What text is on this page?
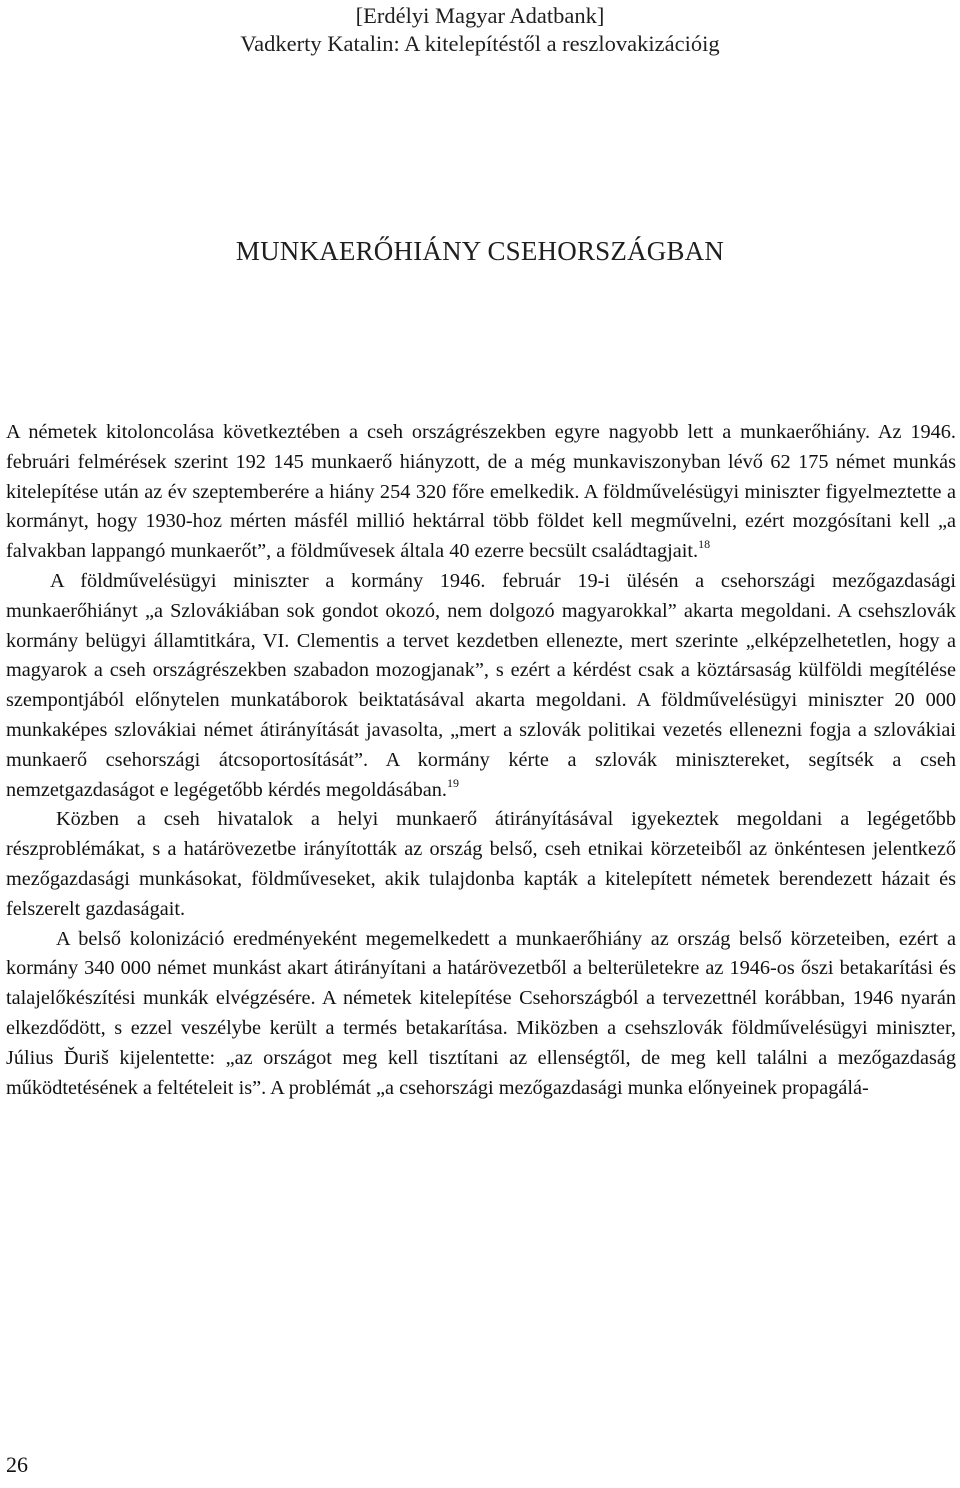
[Erdélyi Magyar Adatbank]
Vadkerty Katalin: A kitelepítéstől a reszlovakizációig
MUNKAERŐHIÁNY CSEHORSZÁGBAN

A németek kitoloncolása következtében a cseh országrészekben egyre nagyobb lett a munkaerőhiány. Az 1946. februári felmérések szerint 192 145 munkaerő hiányzott, de a még munkaviszonyban lévő 62 175 német munkás kitelepítése után az év szeptemberére a hiány 254 320 főre emelkedik. A földművelésügyi miniszter figyelmeztette a kormányt, hogy 1930-hoz mérten másfél millió hektárral több földet kell megművelni, ezért mozgósítani kell „a falvakban lappangó munkaerőt”, a földművesek általa 40 ezerre becsült családtagjait.$^{18}$

A földművelésügyi miniszter a kormány 1946. február 19-i ülésén a csehországi mezőgazdasági munkaerőhiányt „a Szlovákiában sok gondot okozó, nem dolgozó magyarokkal” akarta megoldani. A csehszlovák kormány belügyi államtitkára, VI. Clementis a tervet kezdetben ellenezte, mert szerinte „elképzelhetetlen, hogy a magyarok a cseh országrészekben szabadon mozogjanak”, s ezért a kérdést csak a köztársaság külföldi megítélése szempontjából előnytelen munkatáborok beiktatásával akarta megoldani. A földművelésügyi miniszter 20 000 munkaképes szlovákiai német átirányítását javasolta, „mert a szlovák politikai vezetés ellenezni fogja a szlovákiai munkaerő csehországi átcsoportosítását”. A kormány kérte a szlovák minisztereket, segítsék a cseh nemzetgazdaságot e legégetőbb kérdés megoldásában.$^{19}$

Közben a cseh hivatalok a helyi munkaerő átirányításával igyekeztek megoldani a legégetőbb részproblémákat, s a határövezetbe irányították az ország belső, cseh etnikai körzeteiből az önkéntesen jelentkező mezőgazdasági munkásokat, földműveseket, akik tulajdonba kapták a kitelepített németek berendezett házait és felszerelt gazdaságait.

A belső kolonizáció eredményeként megemelkedett a munkaerőhiány az ország belső körzeteiben, ezért a kormány 340 000 német munkást akart átirányítani a határövezetből a belterületekre az 1946-os őszi betakarítási és talajelőkészítési munkák elvégzésére. A németek kitelepítése Csehországból a tervezettnél korábban, 1946 nyarán elkezdődött, s ezzel veszélybe került a termés betakarítása. Miközben a csehszlovák földművelésügyi miniszter, Július Ďuriš kijelentette: „az országot meg kell tisztítani az ellenségtől, de meg kell találni a mezőgazdaság működtetésének a feltételeit is”. A problémát „a csehországi mezőgazdasági munka előnyeinek propagálá-

26
